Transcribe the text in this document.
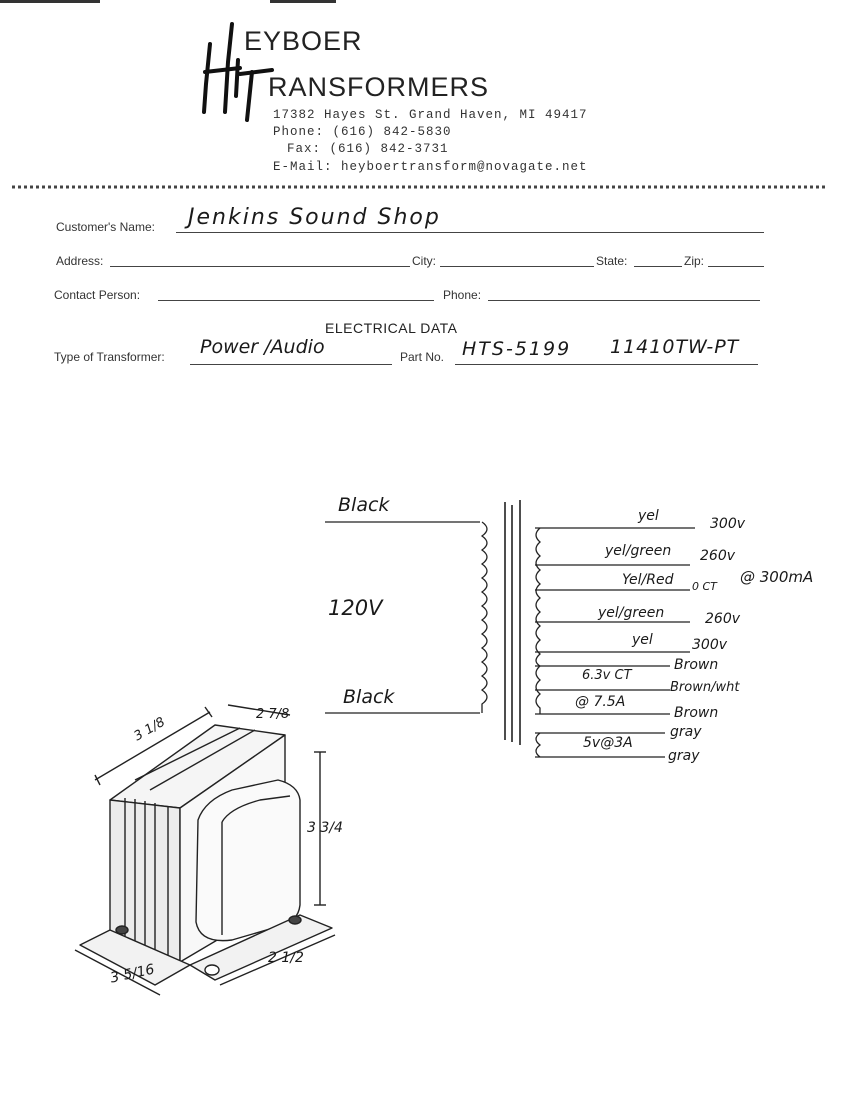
EYBOER
RANSFORMERS
17382 Hayes St. Grand Haven, MI 49417
Phone: (616) 842-5830
Fax: (616) 842-3731
E-Mail: heyboertransform@novagate.net
Customer's Name: Jenkins Sound Shop
Address:	City:	State:	Zip:
Contact Person:	Phone:
ELECTRICAL DATA
Type of Transformer: Power /Audio	Part No. HTS-5199 11410TW-PT
Black
120V
Black
yel	300v
yel/green 260v
Yel/Red 0 CT
@ 300mA
yel/green	260v
yel	300v
6.3v CT
@ 7.5A
Brown
Brown/wht
Brown
5v@3A
gray
gray
3 1/8
2 7/8
3 3/4
3 5/16
2 1/2
